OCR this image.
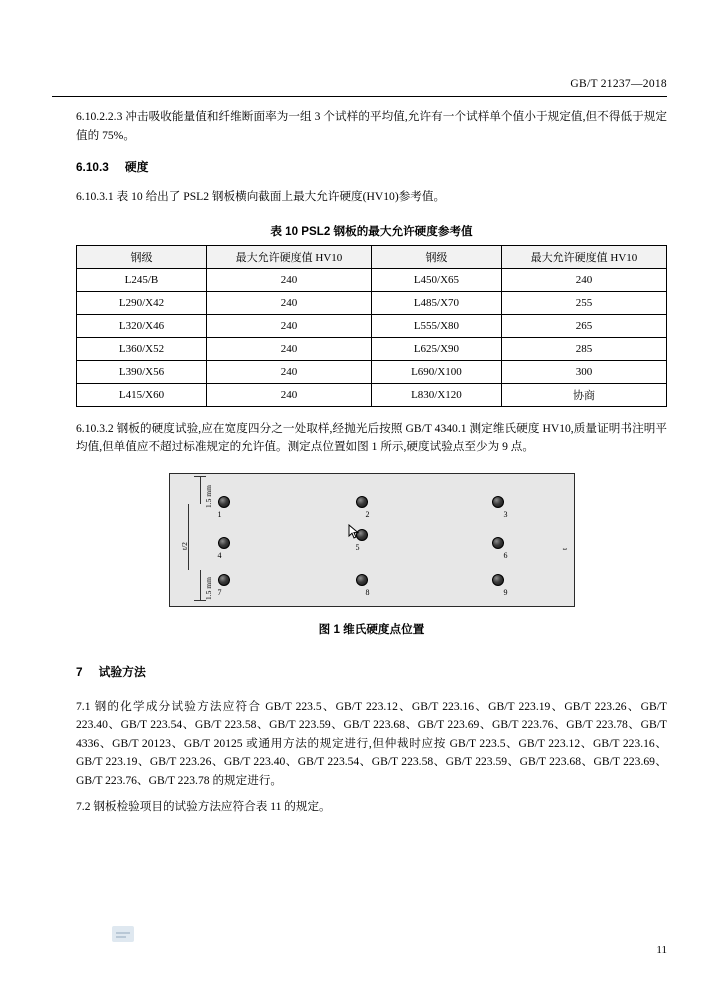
GB/T 21237—2018

6.10.2.2.3 冲击吸收能量值和纤维断面率为一组 3 个试样的平均值,允许有一个试样单个值小于规定值,但不得低于规定值的 75%。

6.10.3 硬度

6.10.3.1 表 10 给出了 PSL2 钢板横向截面上最大允许硬度(HV10)参考值。

表 10 PSL2 钢板的最大允许硬度参考值
钢级	最大允许硬度值 HV10	钢级	最大允许硬度值 HV10
L245/B	240	L450/X65	240
L290/X42	240	L485/X70	255
L320/X46	240	L555/X80	265
L360/X52	240	L625/X90	285
L390/X56	240	L690/X100	300
L415/X60	240	L830/X120	协商

6.10.3.2 钢板的硬度试验,应在宽度四分之一处取样,经抛光后按照 GB/T 4340.1 测定维氏硬度 HV10,质量证明书注明平均值,但单值应不超过标准规定的允许值。测定点位置如图 1 所示,硬度试验点至少为 9 点。

1	2	3
4
5
6
7	8	9
1.5 mm
1.5 mm
t/2	t
图 1 维氏硬度点位置
7 试验方法

7.1 钢的化学成分试验方法应符合 GB/T 223.5、GB/T 223.12、GB/T 223.16、GB/T 223.19、GB/T 223.26、GB/T 223.40、GB/T 223.54、GB/T 223.58、GB/T 223.59、GB/T 223.68、GB/T 223.69、GB/T 223.76、GB/T 223.78、GB/T 4336、GB/T 20123、GB/T 20125 或通用方法的规定进行,但仲裁时应按 GB/T 223.5、GB/T 223.12、GB/T 223.16、GB/T 223.19、GB/T 223.26、GB/T 223.40、GB/T 223.54、GB/T 223.58、GB/T 223.59、GB/T 223.68、GB/T 223.69、GB/T 223.76、GB/T 223.78 的规定进行。

7.2 钢板检验项目的试验方法应符合表 11 的规定。

11
